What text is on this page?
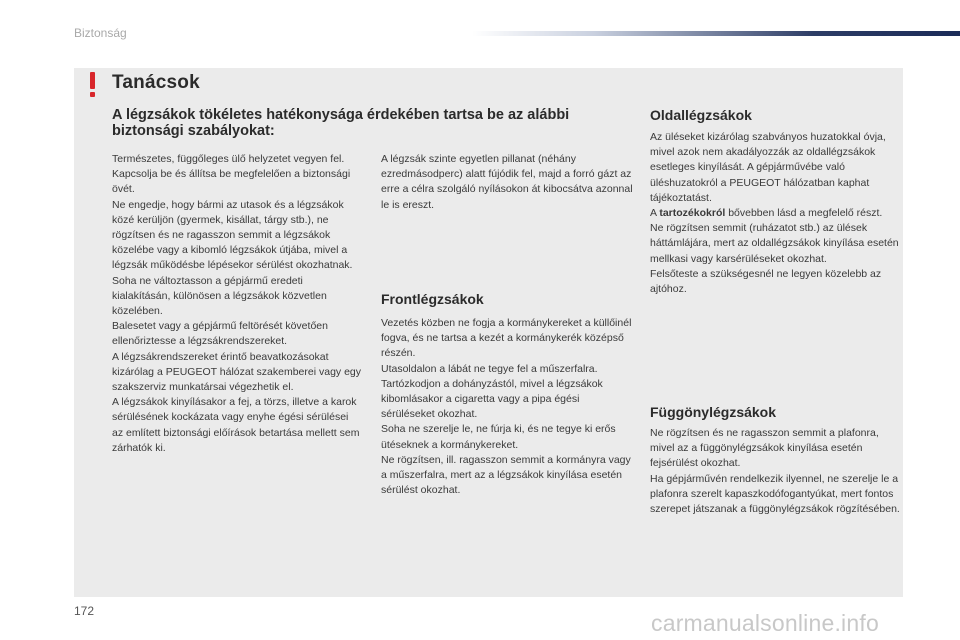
Biztonság
Tanácsok
A légzsákok tökéletes hatékonysága érdekében tartsa be az alábbi biztonsági szabályokat:
Természetes, függőleges ülő helyzetet vegyen fel.
Kapcsolja be és állítsa be megfelelően a biztonsági övét.
Ne engedje, hogy bármi az utasok és a légzsákok közé kerüljön (gyermek, kisállat, tárgy stb.), ne rögzítsen és ne ragasszon semmit a légzsákok közelébe vagy a kibomló légzsákok útjába, mivel a légzsák működésbe lépésekor sérülést okozhatnak.
Soha ne változtasson a gépjármű eredeti kialakításán, különösen a légzsákok közvetlen közelében.
Balesetet vagy a gépjármű feltörését követően ellenőriztesse a légzsákrendszereket.
A légzsákrendszereket érintő beavatkozásokat kizárólag a PEUGEOT hálózat szakemberei vagy egy szakszerviz munkatársai végezhetik el.
A légzsákok kinyílásakor a fej, a törzs, illetve a karok sérülésének kockázata vagy enyhe égési sérülései az említett biztonsági előírások betartása mellett sem zárhatók ki.
A légzsák szinte egyetlen pillanat (néhány ezredmásodperc) alatt fújódik fel, majd a forró gázt az erre a célra szolgáló nyílásokon át kibocsátva azonnal le is ereszt.
Frontlégzsákok
Vezetés közben ne fogja a kormánykereket a küllőinél fogva, és ne tartsa a kezét a kormánykerék középső részén.
Utasoldalon a lábát ne tegye fel a műszerfalra.
Tartózkodjon a dohányzástól, mivel a légzsákok kibomlásakor a cigaretta vagy a pipa égési sérüléseket okozhat.
Soha ne szerelje le, ne fúrja ki, és ne tegye ki erős ütéseknek a kormánykereket.
Ne rögzítsen, ill. ragasszon semmit a kormányra vagy a műszerfalra, mert az a légzsákok kinyílása esetén sérülést okozhat.
Oldallégzsákok
Az üléseket kizárólag szabványos huzatokkal óvja, mivel azok nem akadályozzák az oldallégzsákok esetleges kinyílását. A gépjárművébe való üléshuzatokról a PEUGEOT hálózatban kaphat tájékoztatást.
A tartozékokról bővebben lásd a megfelelő részt.
Ne rögzítsen semmit (ruházatot stb.) az ülések háttámlájára, mert az oldallégzsákok kinyílása esetén mellkasi vagy karsérüléseket okozhat.
Felsőteste a szükségesnél ne legyen közelebb az ajtóhoz.
Függönylégzsákok
Ne rögzítsen és ne ragasszon semmit a plafonra, mivel az a függönylégzsákok kinyílása esetén fejsérülést okozhat.
Ha gépjárművén rendelkezik ilyennel, ne szerelje le a plafonra szerelt kapaszkodófogantyúkat, mert fontos szerepet játszanak a függönylégzsákok rögzítésében.
172	carmanualsonline.info
